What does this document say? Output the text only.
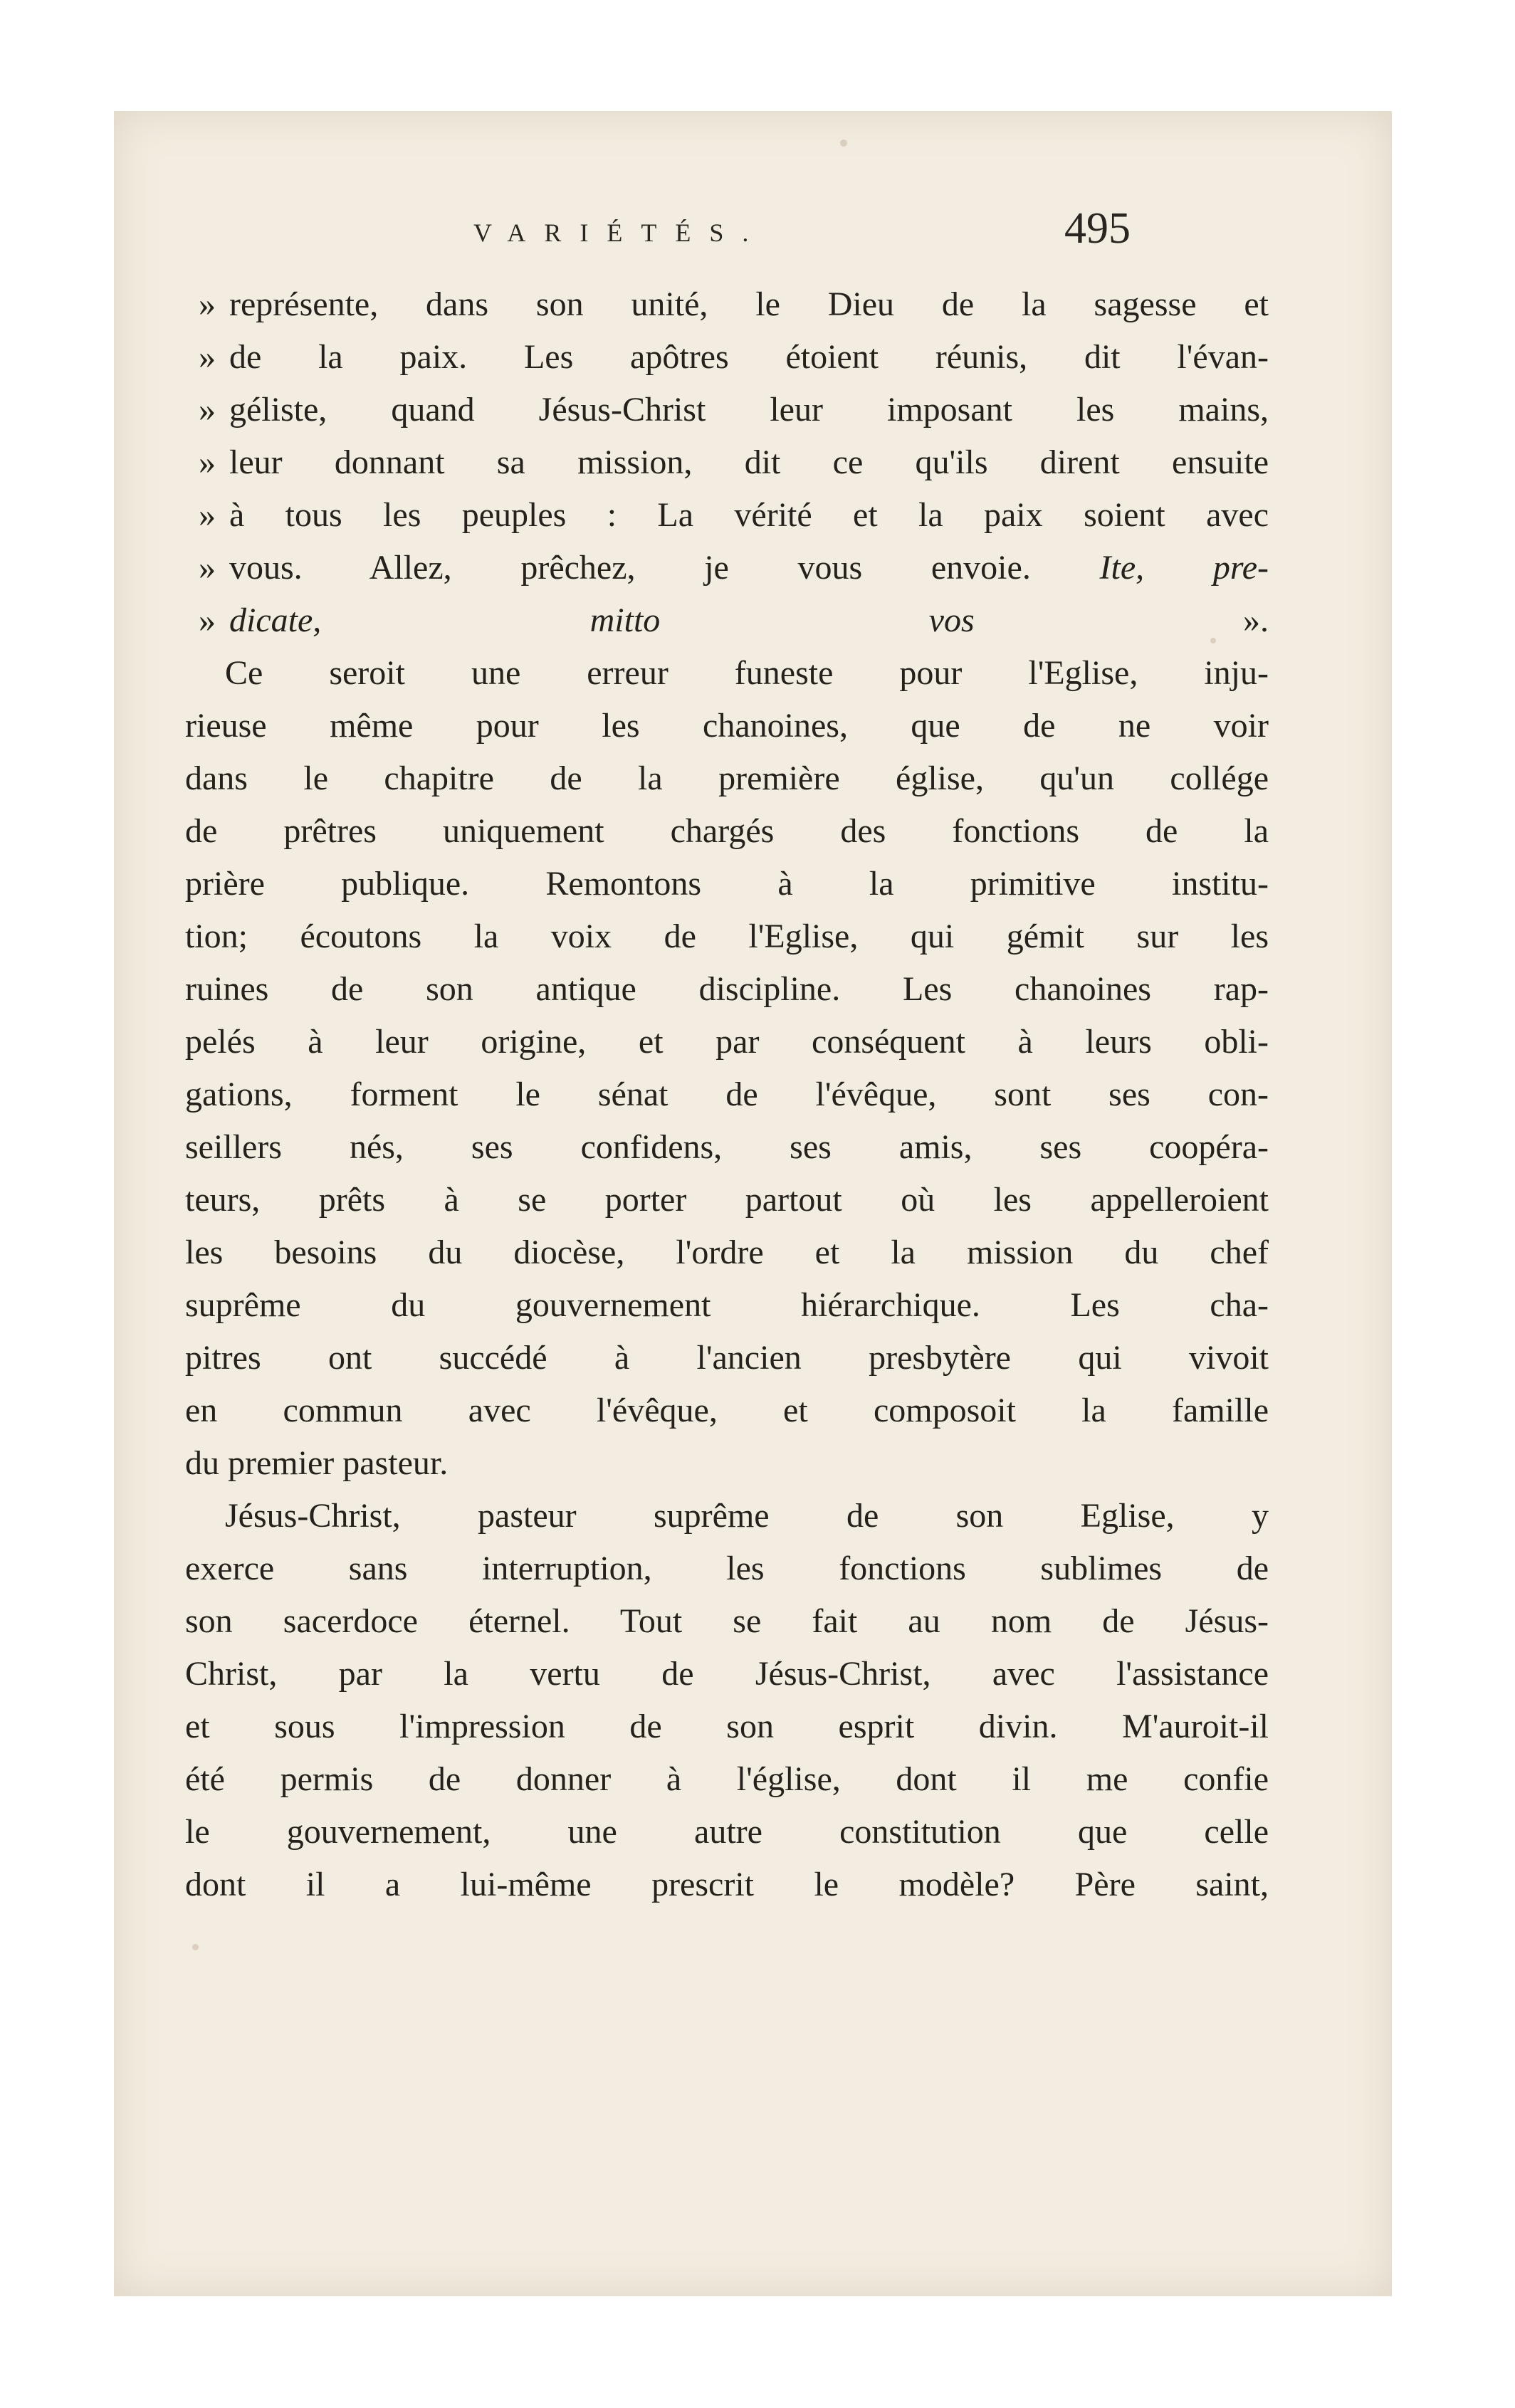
VARIÉTÉS.	495
» représente, dans son unité, le Dieu de la sagesse et
» de la paix. Les apôtres étoient réunis, dit l'évan-
» géliste, quand Jésus-Christ leur imposant les mains,
» leur donnant sa mission, dit ce qu'ils dirent ensuite
» à tous les peuples : La vérité et la paix soient avec
» vous. Allez, prêchez, je vous envoie. Ite, pre-
» dicate, mitto vos ».
Ce seroit une erreur funeste pour l'Eglise, inju-
rieuse même pour les chanoines, que de ne voir
dans le chapitre de la première église, qu'un collége
de prêtres uniquement chargés des fonctions de la
prière publique. Remontons à la primitive institu-
tion; écoutons la voix de l'Eglise, qui gémit sur les
ruines de son antique discipline. Les chanoines rap-
pelés à leur origine, et par conséquent à leurs obli-
gations, forment le sénat de l'évêque, sont ses con-
seillers nés, ses confidens, ses amis, ses coopéra-
teurs, prêts à se porter partout où les appelleroient
les besoins du diocèse, l'ordre et la mission du chef
suprême du gouvernement hiérarchique. Les cha-
pitres ont succédé à l'ancien presbytère qui vivoit
en commun avec l'évêque, et composoit la famille
du premier pasteur.
Jésus-Christ, pasteur suprême de son Eglise, y
exerce sans interruption, les fonctions sublimes de
son sacerdoce éternel. Tout se fait au nom de Jésus-
Christ, par la vertu de Jésus-Christ, avec l'assistance
et sous l'impression de son esprit divin. M'auroit-il
été permis de donner à l'église, dont il me confie
le gouvernement, une autre constitution que celle
dont il a lui-même prescrit le modèle? Père saint,
